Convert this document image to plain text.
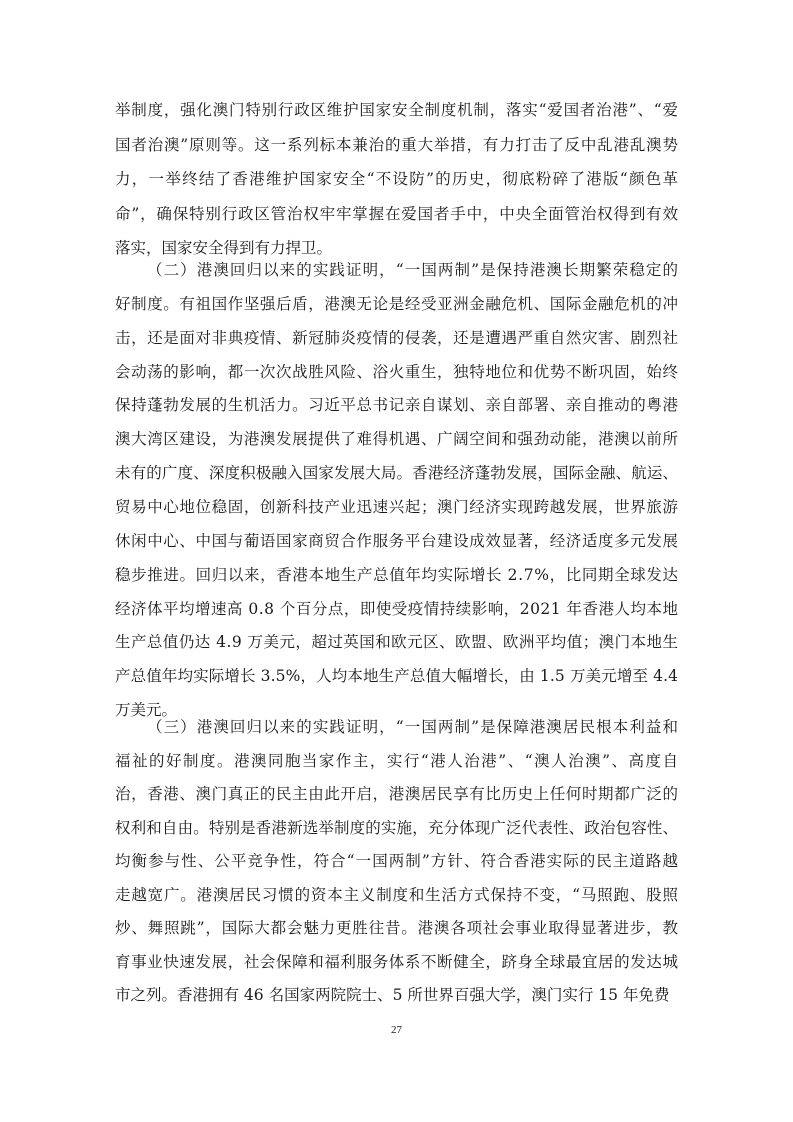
举制度，强化澳门特别行政区维护国家安全制度机制，落实“爱国者治港”、“爱
国者治澳”原则等。这一系列标本兼治的重大举措，有力打击了反中乱港乱澳势
力，一举终结了香港维护国家安全“不设防”的历史，彻底粉碎了港版“颜色革
命”，确保特别行政区管治权牢牢掌握在爱国者手中，中央全面管治权得到有效
落实，国家安全得到有力捍卫。
（二）港澳回归以来的实践证明，“一国两制”是保持港澳长期繁荣稳定的
好制度。有祖国作坚强后盾，港澳无论是经受亚洲金融危机、国际金融危机的冲
击，还是面对非典疫情、新冠肺炎疫情的侵袭，还是遭遇严重自然灾害、剧烈社
会动荡的影响，都一次次战胜风险、浴火重生，独特地位和优势不断巩固，始终
保持蓬勃发展的生机活力。习近平总书记亲自谋划、亲自部署、亲自推动的粤港
澳大湾区建设，为港澳发展提供了难得机遇、广阔空间和强劲动能，港澳以前所
未有的广度、深度积极融入国家发展大局。香港经济蓬勃发展，国际金融、航运、
贸易中心地位稳固，创新科技产业迅速兴起；澳门经济实现跨越发展，世界旅游
休闲中心、中国与葡语国家商贸合作服务平台建设成效显著，经济适度多元发展
稳步推进。回归以来，香港本地生产总值年均实际增长 2.7%，比同期全球发达
经济体平均增速高 0.8 个百分点，即使受疫情持续影响，2021 年香港人均本地
生产总值仍达 4.9 万美元，超过英国和欧元区、欧盟、欧洲平均值；澳门本地生
产总值年均实际增长 3.5%，人均本地生产总值大幅增长，由 1.5 万美元增至 4.4
万美元。
（三）港澳回归以来的实践证明，“一国两制”是保障港澳居民根本利益和
福祉的好制度。港澳同胞当家作主，实行“港人治港”、“澳人治澳”、高度自
治，香港、澳门真正的民主由此开启，港澳居民享有比历史上任何时期都广泛的
权利和自由。特别是香港新选举制度的实施，充分体现广泛代表性、政治包容性、
均衡参与性、公平竞争性，符合“一国两制”方针、符合香港实际的民主道路越
走越宽广。港澳居民习惯的资本主义制度和生活方式保持不变，“马照跑、股照
炒、舞照跳”，国际大都会魅力更胜往昔。港澳各项社会事业取得显著进步，教
育事业快速发展，社会保障和福利服务体系不断健全，跻身全球最宜居的发达城
市之列。香港拥有 46 名国家两院院士、5 所世界百强大学，澳门实行 15 年免费
27
